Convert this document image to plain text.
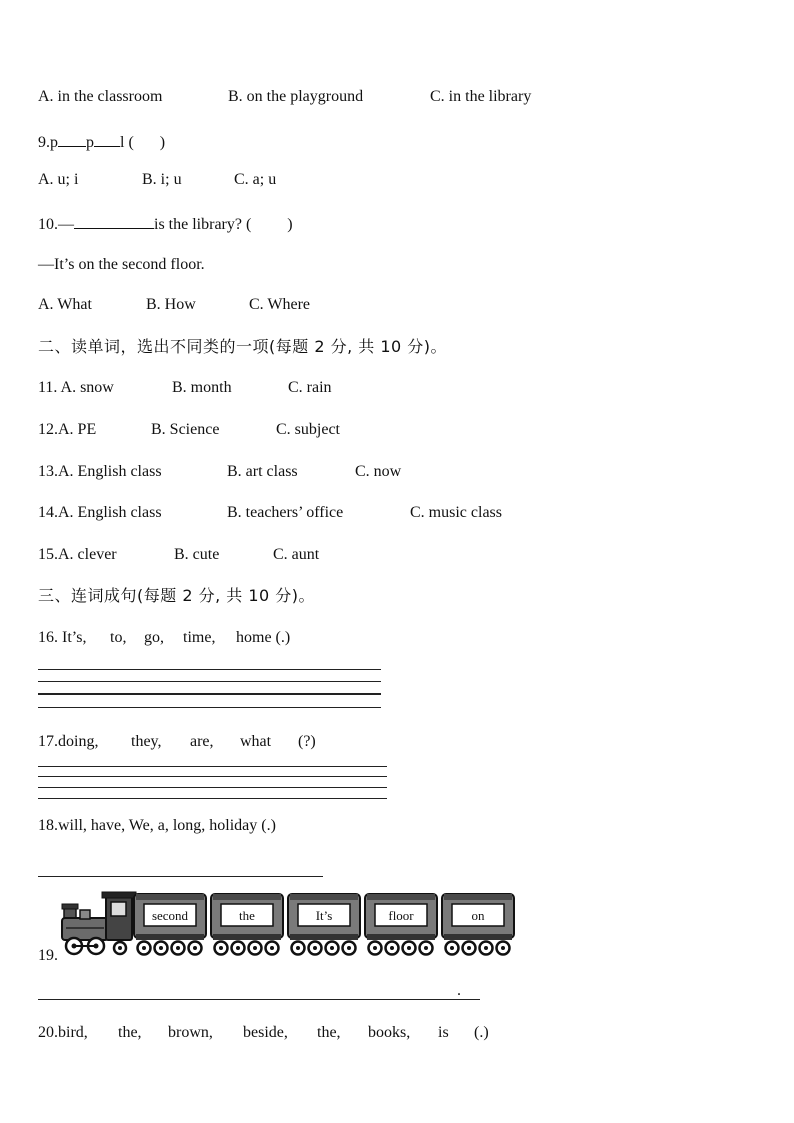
A. in the classroom	B. on the playground	C. in the library
9.p p l ( )
A. u; i	B. i; u	C. a; u
10.—	is the library? ( )
—It’s on the second floor.
A. What	B. How	C. Where
二、读单词，选出不同类的一项(每题 2 分, 共 10 分)。
11. A. snow	B. month	C. rain
12.A. PE	B. Science	C. subject
13.A. English class	B. art class	C. now
14.A. English class	B. teachers’ office	C. music class
15.A. clever	B. cute	C. aunt
三、连词成句(每题 2 分, 共 10 分)。
16. It’s, to, go, time, home (.)
17.doing, they, are, what (?)
18.will, have, We, a, long, holiday (.)
19.
second	the	It’s	floor	on
.
20.bird, the, brown, beside, the, books, is (.)
